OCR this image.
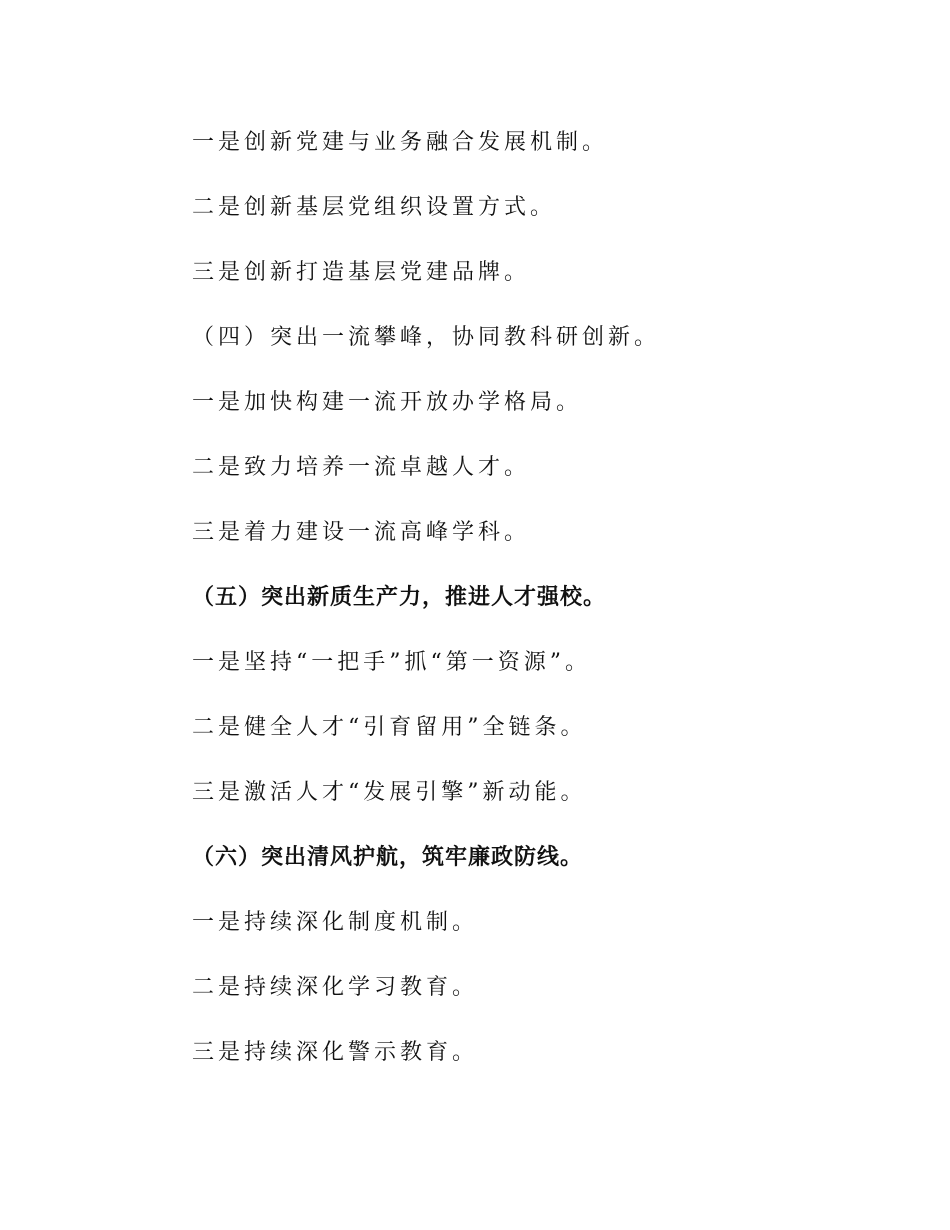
一是创新党建与业务融合发展机制。
二是创新基层党组织设置方式。
三是创新打造基层党建品牌。
（四）突出一流攀峰，协同教科研创新。
一是加快构建一流开放办学格局。
二是致力培养一流卓越人才。
三是着力建设一流高峰学科。
（五）突出新质生产力，推进人才强校。
一是坚持“一把手”抓“第一资源”。
二是健全人才“引育留用”全链条。
三是激活人才“发展引擎”新动能。
（六）突出清风护航，筑牢廉政防线。
一是持续深化制度机制。
二是持续深化学习教育。
三是持续深化警示教育。
